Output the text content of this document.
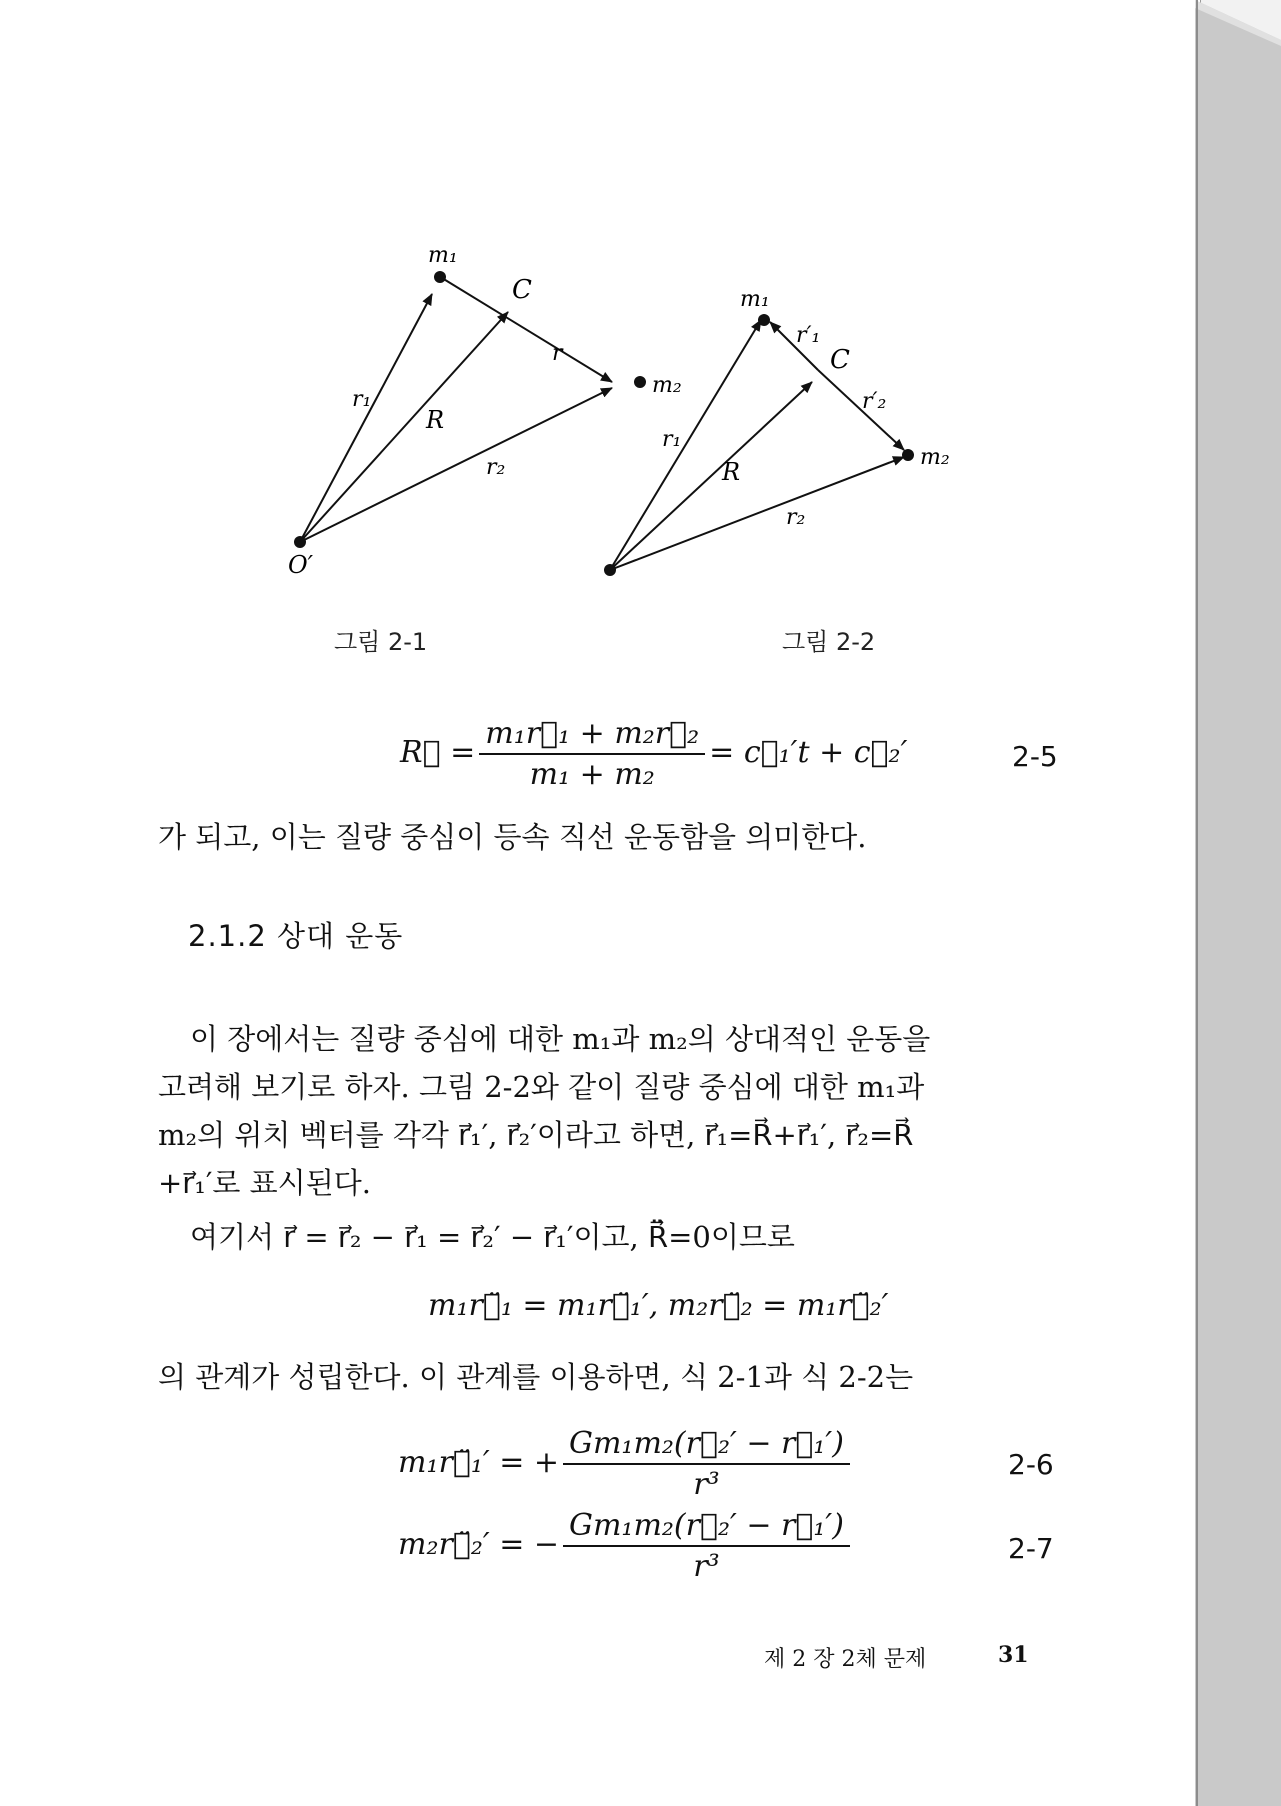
m₁
C
r
m₂
r₁
R
r₂
O′
그림 2-1
m₁
r′₁
C
r′₂
m₂
r₁
R
r₂
그림 2-2
R⃗ = $\frac{\text{m₁r⃗₁ + m₂r⃗₂}}{\text{m₁ + m₂}}$ = c⃗₁′t + c⃗₂′	2-5
가 되고, 이는 질량 중심이 등속 직선 운동함을 의미한다.
2.1.2 상대 운동
이 장에서는 질량 중심에 대한 m₁과 m₂의 상대적인 운동을
고려해 보기로 하자. 그림 2-2와 같이 질량 중심에 대한 m₁과
m₂의 위치 벡터를 각각 r⃗₁′, r⃗₂′이라고 하면, r⃗₁=R⃗+r⃗₁′, r⃗₂=R⃗
+r⃗₁′로 표시된다.
여기서 r⃗ = r⃗₂ − r⃗₁ = r⃗₂′ − r⃗₁′이고, R⃗̈=0이므로
m₁r⃗̈₁ = m₁r⃗̈₁′, m₂r⃗̈₂ = m₁r⃗̈₂′
의 관계가 성립한다. 이 관계를 이용하면, 식 2-1과 식 2-2는
m₁r⃗̈₁′ = + $\frac{\text{Gm₁m₂(r⃗₂′ − r⃗₁′)}}{\text{r³}}$	2-6
m₂r⃗̈₂′ = − $\frac{\text{Gm₁m₂(r⃗₂′ − r⃗₁′)}}{\text{r³}}$	2-7
제 2 장 2체 문제	31
